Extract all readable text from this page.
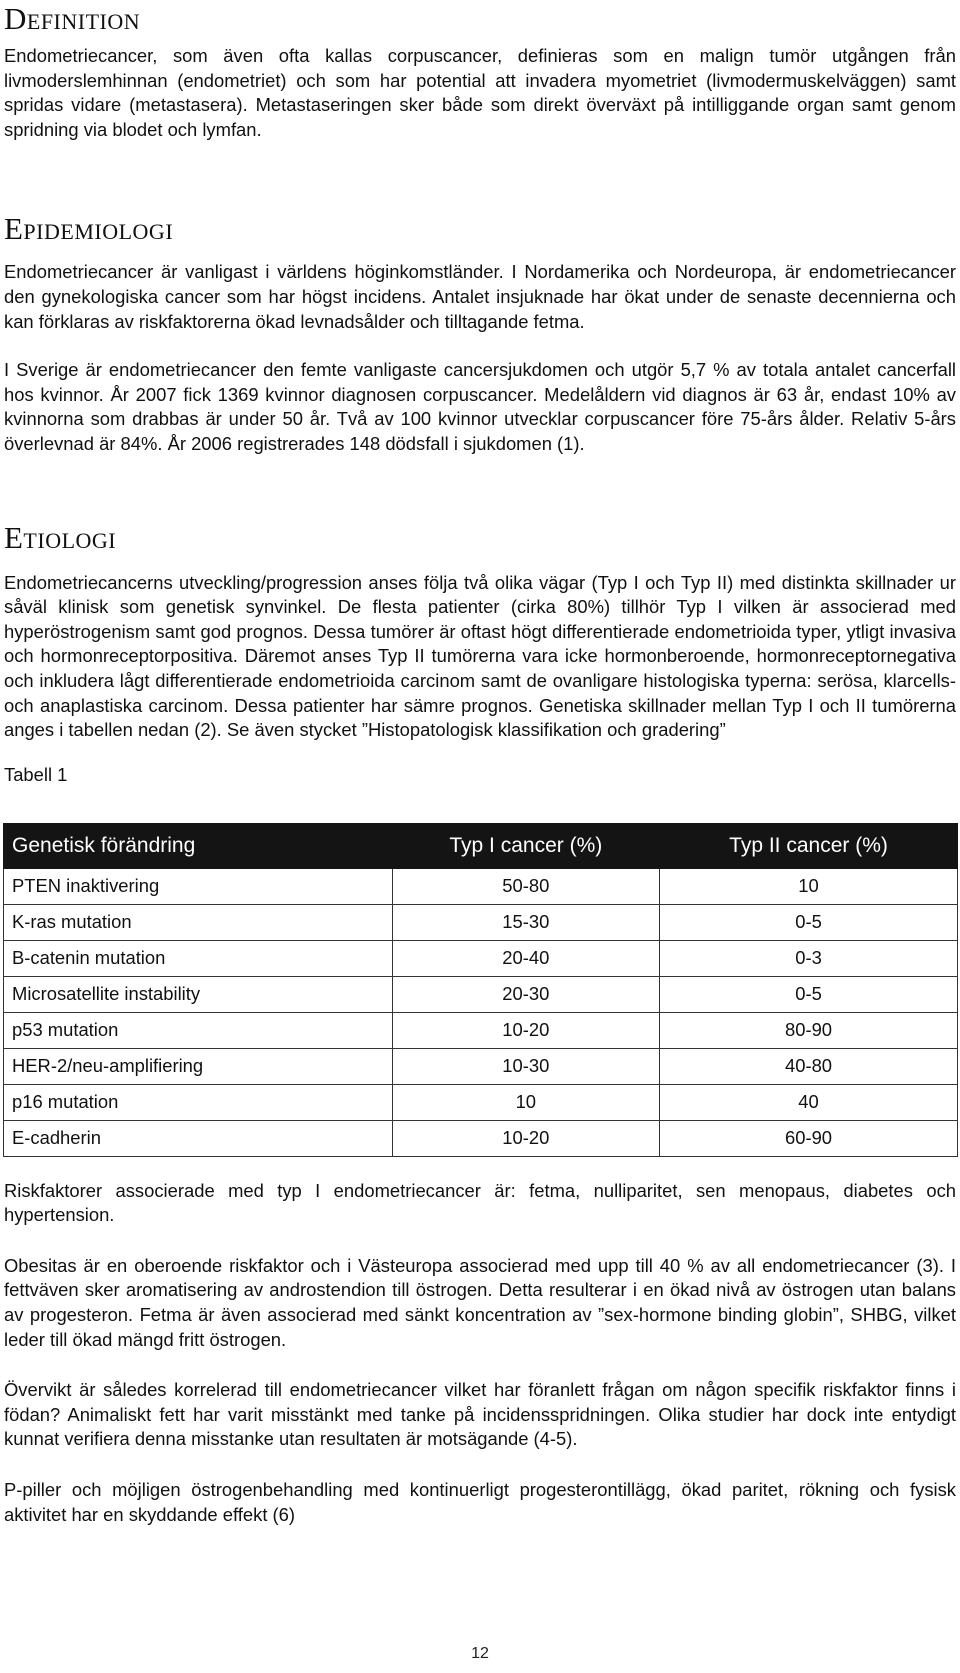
Definition

Endometriecancer, som även ofta kallas corpuscancer, definieras som en malign tumör utgången från livmoderslemhinnan (endometriet) och som har potential att invadera myometriet (livmodermuskelväggen) samt spridas vidare (metastasera). Metastaseringen sker både som direkt överväxt på intilliggande organ samt genom spridning via blodet och lymfan.

Epidemiologi

Endometriecancer är vanligast i världens höginkomstländer. I Nordamerika och Nordeuropa, är endometriecancer den gynekologiska cancer som har högst incidens. Antalet insjuknade har ökat under de senaste decennierna och kan förklaras av riskfaktorerna ökad levnadsålder och tilltagande fetma.

I Sverige är endometriecancer den femte vanligaste cancersjukdomen och utgör 5,7 % av totala antalet cancerfall hos kvinnor. År 2007 fick 1369 kvinnor diagnosen corpuscancer. Medelåldern vid diagnos är 63 år, endast 10% av kvinnorna som drabbas är under 50 år. Två av 100 kvinnor utvecklar corpuscancer före 75-års ålder. Relativ 5-års överlevnad är 84%. År 2006 registrerades 148 dödsfall i sjukdomen (1).

Etiologi

Endometriecancerns utveckling/progression anses följa två olika vägar (Typ I och Typ II) med distinkta skillnader ur såväl klinisk som genetisk synvinkel. De flesta patienter (cirka 80%) tillhör Typ I vilken är associerad med hyperöstrogenism samt god prognos. Dessa tumörer är oftast högt differentierade endometrioida typer, ytligt invasiva och hormonreceptorpositiva. Däremot anses Typ II tumörerna vara icke hormonberoende, hormonreceptornegativa och inkludera lågt differentierade endometrioida carcinom samt de ovanligare histologiska typerna: serösa, klarcells- och anaplastiska carcinom. Dessa patienter har sämre prognos. Genetiska skillnader mellan Typ I och II tumörerna anges i tabellen nedan (2). Se även stycket ”Histopatologisk klassifikation och gradering”

Tabell 1

Genetisk förändring	Typ I cancer (%)	Typ II cancer (%)
PTEN inaktivering	50-80	10
K-ras mutation	15-30	0-5
B-catenin mutation	20-40	0-3
Microsatellite instability	20-30	0-5
p53 mutation	10-20	80-90
HER-2/neu-amplifiering	10-30	40-80
p16 mutation	10	40
E-cadherin	10-20	60-90

Riskfaktorer associerade med typ I endometriecancer är: fetma, nulliparitet, sen menopaus, diabetes och hypertension.

Obesitas är en oberoende riskfaktor och i Västeuropa associerad med upp till 40 % av all endometriecancer (3). I fettväven sker aromatisering av androstendion till östrogen. Detta resulterar i en ökad nivå av östrogen utan balans av progesteron. Fetma är även associerad med sänkt koncentration av ”sex-hormone binding globin”, SHBG, vilket leder till ökad mängd fritt östrogen.

Övervikt är således korrelerad till endometriecancer vilket har föranlett frågan om någon specifik riskfaktor finns i födan? Animaliskt fett har varit misstänkt med tanke på incidensspridningen. Olika studier har dock inte entydigt kunnat verifiera denna misstanke utan resultaten är motsägande (4-5).

P-piller och möjligen östrogenbehandling med kontinuerligt progesterontillägg, ökad paritet, rökning och fysisk aktivitet har en skyddande effekt (6)

12
